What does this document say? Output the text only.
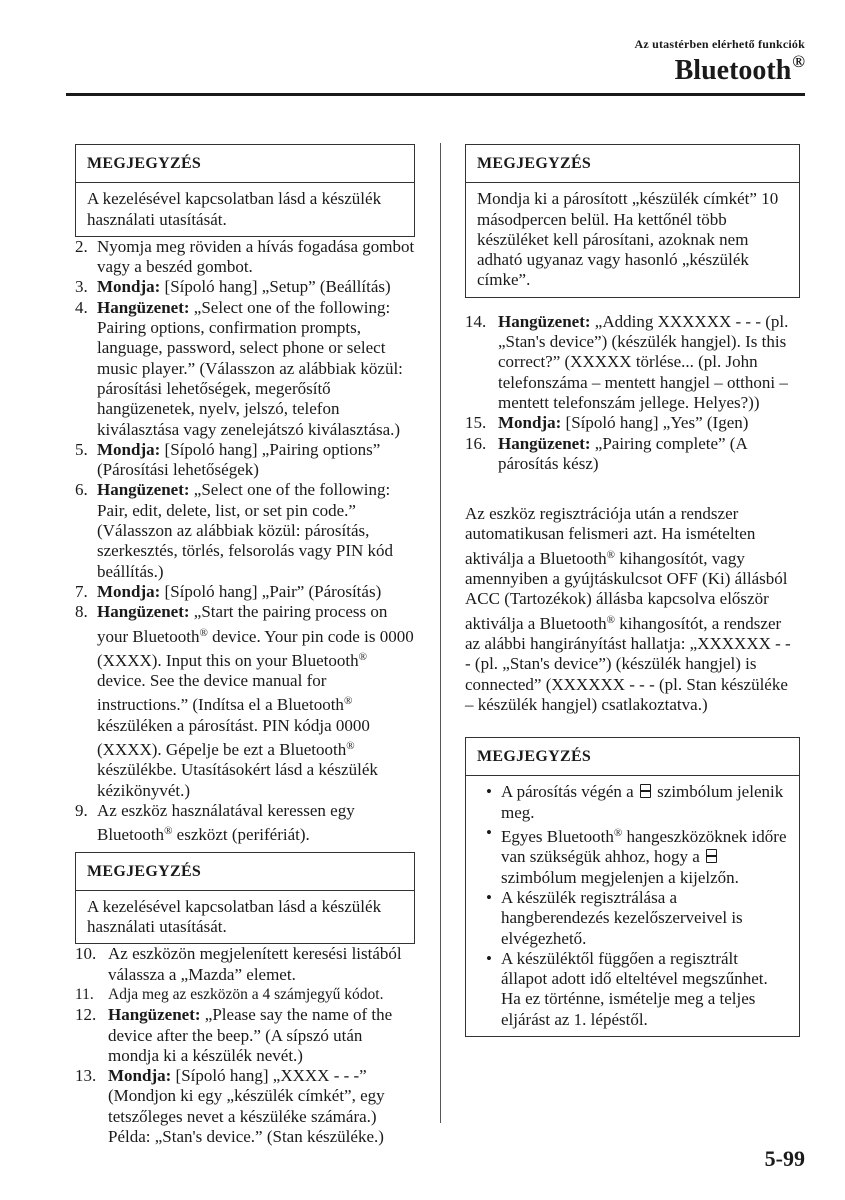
Az utastérben elérhető funkciók
Bluetooth®
MEGJEGYZÉS
A kezelésével kapcsolatban lásd a készülék használati utasítását.
2. Nyomja meg röviden a hívás fogadása gombot vagy a beszéd gombot.
3. Mondja: [Sípoló hang] „Setup” (Beállítás)
4. Hangüzenet: „Select one of the following: Pairing options, confirmation prompts, language, password, select phone or select music player.” (Válasszon az alábbiak közül: párosítási lehetőségek, megerősítő hangüzenetek, nyelv, jelszó, telefon kiválasztása vagy zenelejátszó kiválasztása.)
5. Mondja: [Sípoló hang] „Pairing options” (Párosítási lehetőségek)
6. Hangüzenet: „Select one of the following: Pair, edit, delete, list, or set pin code.” (Válasszon az alábbiak közül: párosítás, szerkesztés, törlés, felsorolás vagy PIN kód beállítás.)
7. Mondja: [Sípoló hang] „Pair” (Párosítás)
8. Hangüzenet: „Start the pairing process on your Bluetooth® device. Your pin code is 0000 (XXXX). Input this on your Bluetooth® device. See the device manual for instructions.” (Indítsa el a Bluetooth® készüléken a párosítást. PIN kódja 0000 (XXXX). Gépelje be ezt a Bluetooth® készülékbe. Utasításokért lásd a készülék kézikönyvét.)
9. Az eszköz használatával keressen egy Bluetooth® eszközt (perifériát).
MEGJEGYZÉS
A kezelésével kapcsolatban lásd a készülék használati utasítását.
10. Az eszközön megjelenített keresési listából válassza a „Mazda” elemet.
11. Adja meg az eszközön a 4 számjegyű kódot.
12. Hangüzenet: „Please say the name of the device after the beep.” (A sípszó után mondja ki a készülék nevét.)
13. Mondja: [Sípoló hang] „XXXX - - -” (Mondjon ki egy „készülék címkét”, egy tetszőleges nevet a készüléke számára.) Példa: „Stan's device.” (Stan készüléke.)
MEGJEGYZÉS
Mondja ki a párosított „készülék címkét” 10 másodpercen belül. Ha kettőnél több készüléket kell párosítani, azoknak nem adható ugyanaz vagy hasonló „készülék címke”.
14. Hangüzenet: „Adding XXXXXX - - - (pl. „Stan's device”) (készülék hangjel). Is this correct?” (XXXXX törlése... (pl. John telefonszáma – mentett hangjel – otthoni – mentett telefonszám jellege. Helyes?))
15. Mondja: [Sípoló hang] „Yes” (Igen)
16. Hangüzenet: „Pairing complete” (A párosítás kész)

Az eszköz regisztrációja után a rendszer automatikusan felismeri azt. Ha ismételten aktiválja a Bluetooth® kihangosítót, vagy amennyiben a gyújtáskulcsot OFF (Ki) állásból ACC (Tartozékok) állásba kapcsolva először aktiválja a Bluetooth® kihangosítót, a rendszer az alábbi hangirányítást hallatja: „XXXXXX - - - (pl. „Stan's device”) (készülék hangjel) is connected” (XXXXXX - - - (pl. Stan készüléke – készülék hangjel) csatlakoztatva.)

MEGJEGYZÉS
• A párosítás végén a szimbólum jelenik meg.
• Egyes Bluetooth® hangeszközöknek időre van szükségük ahhoz, hogy a  szimbólum megjelenjen a kijelzőn.
• A készülék regisztrálása a hangberendezés kezelőszerveivel is elvégezhető.
• A készüléktől függően a regisztrált állapot adott idő elteltével megszűnhet. Ha ez történne, ismételje meg a teljes eljárást az 1. lépéstől.
5-99
